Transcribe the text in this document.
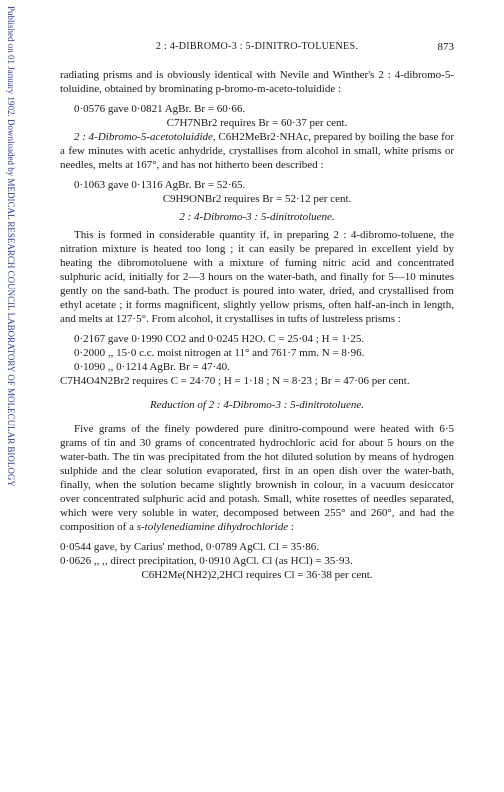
Published on 01 January 1902. Downloaded by MEDICAL RESEARCH COUNCIL LABORATORY OF MOLECULAR BIOLOGY	2 : 4-DIBROMO-3 : 5-DINITRO-TOLUENES.	873

radiating prisms and is obviously identical with Nevile and Winther's 2 : 4-dibromo-5-toluidine, obtained by brominating p-bromo-m-aceto-toluidide :

0·0576 gave 0·0821 AgBr. Br = 60·66.

C7H7NBr2 requires Br = 60·37 per cent.

2 : 4-Dibromo-5-acetotoluidide, C6H2MeBr2·NHAc, prepared by boiling the base for a few minutes with acetic anhydride, crystallises from alcohol in small, white prisms or needles, melts at 167°, and has not hitherto been described :

0·1063 gave 0·1316 AgBr. Br = 52·65.

C9H9ONBr2 requires Br = 52·12 per cent.

2 : 4-Dibromo-3 : 5-dinitrotoluene.

This is formed in considerable quantity if, in preparing 2 : 4-dibromo-toluene, the nitration mixture is heated too long ; it can easily be prepared in excellent yield by heating the dibromotoluene with a mixture of fuming nitric acid and concentrated sulphuric acid, initially for 2—3 hours on the water-bath, and finally for 5—10 minutes gently on the sand-bath. The product is poured into water, dried, and crystallised from ethyl acetate ; it forms magnificent, slightly yellow prisms, often half-an-inch in length, and melts at 127·5°. From alcohol, it crystallises in tufts of lustreless prisms :

0·2167 gave 0·1990 CO2 and 0·0245 H2O. C = 25·04 ; H = 1·25.

0·2000 ,, 15·0 c.c. moist nitrogen at 11° and 761·7 mm. N = 8·96.

0·1090 ,, 0·1214 AgBr. Br = 47·40.

C7H4O4N2Br2 requires C = 24·70 ; H = 1·18 ; N = 8·23 ; Br = 47·06 per cent.

Reduction of 2 : 4-Dibromo-3 : 5-dinitrotoluene.

Five grams of the finely powdered pure dinitro-compound were heated with 6·5 grams of tin and 30 grams of concentrated hydrochloric acid for about 5 hours on the water-bath. The tin was precipitated from the hot diluted solution by means of hydrogen sulphide and the clear solution evaporated, first in an open dish over the water-bath, finally, when the solution became slightly brownish in colour, in a vacuum desiccator over concentrated sulphuric acid and potash. Small, white rosettes of needles separated, which were very soluble in water, decomposed between 255° and 260°, and had the composition of a s-tolylenediamine dihydrochloride :

0·0544 gave, by Carius' method, 0·0789 AgCl. Cl = 35·86.

0·0626 ,, ,, direct precipitation, 0·0910 AgCl. Cl (as HCl) = 35·93.

C6H2Me(NH2)2,2HCl requires Cl = 36·38 per cent.
